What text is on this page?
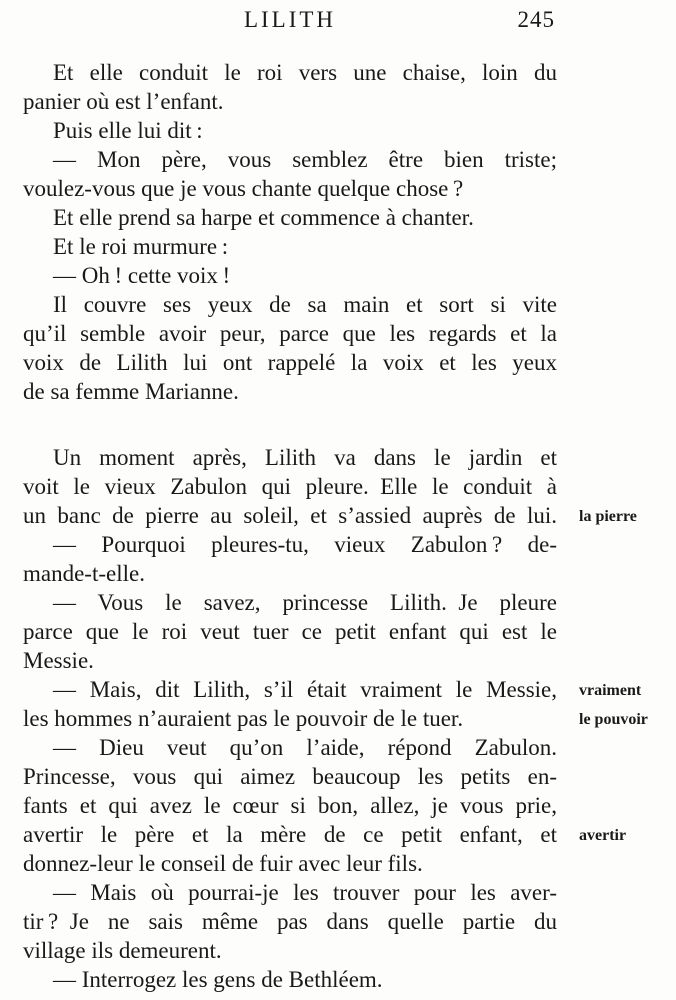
LILITH	245
Et elle conduit le roi vers une chaise, loin du
panier où est l’enfant.
Puis elle lui dit :
— Mon père, vous semblez être bien triste;
voulez-vous que je vous chante quelque chose ?
Et elle prend sa harpe et commence à chanter.
Et le roi murmure :
— Oh ! cette voix !
Il couvre ses yeux de sa main et sort si vite
qu’il semble avoir peur, parce que les regards et la
voix de Lilith lui ont rappelé la voix et les yeux
de sa femme Marianne.
Un moment après, Lilith va dans le jardin et
voit le vieux Zabulon qui pleure. Elle le conduit à
un banc de pierre au soleil, et s’assied auprès de lui. la pierre
— Pourquoi pleures-tu, vieux Zabulon ? de-
mande-t-elle.
— Vous le savez, princesse Lilith. Je pleure
parce que le roi veut tuer ce petit enfant qui est le
Messie.
— Mais, dit Lilith, s’il était vraiment le Messie, vraiment
les hommes n’auraient pas le pouvoir de le tuer.	le pouvoir
— Dieu veut qu’on l’aide, répond Zabulon.
Princesse, vous qui aimez beaucoup les petits en-
fants et qui avez le cœur si bon, allez, je vous prie,
avertir le père et la mère de ce petit enfant, et avertir
donnez-leur le conseil de fuir avec leur fils.
— Mais où pourrai-je les trouver pour les aver-
tir ? Je ne sais même pas dans quelle partie du
village ils demeurent.
— Interrogez les gens de Bethléem.
